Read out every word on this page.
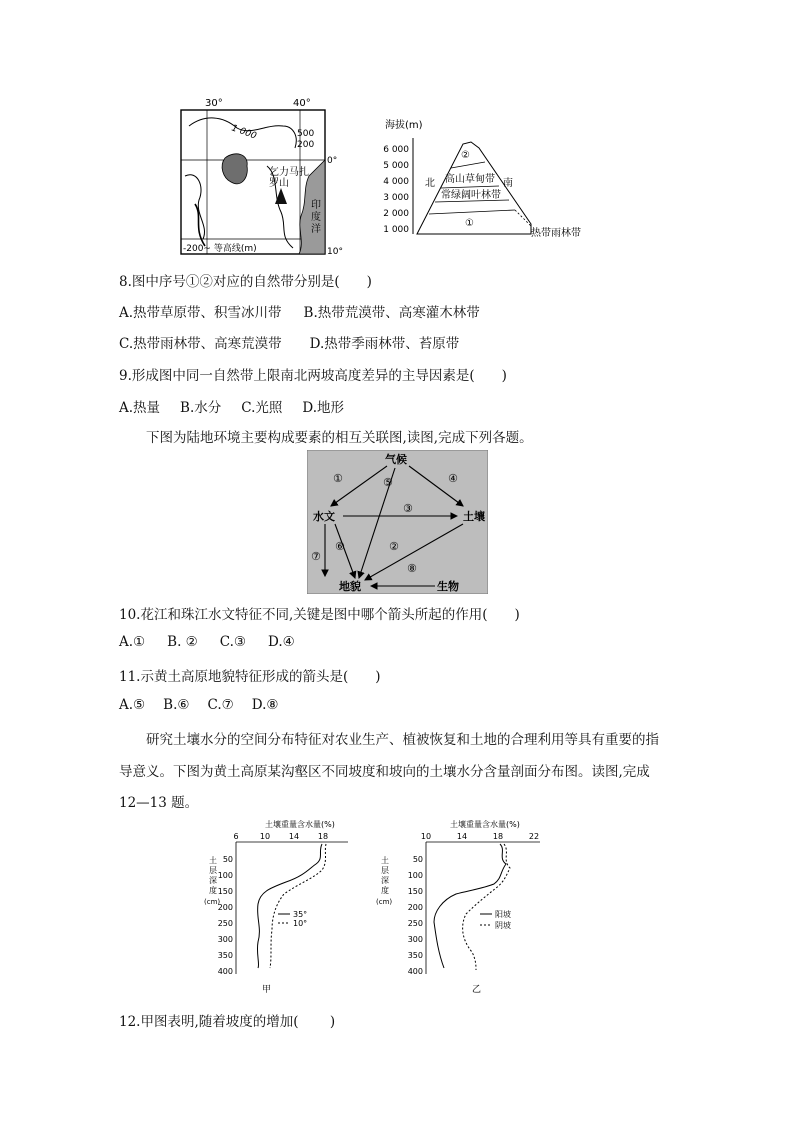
30°	40°
1 000	500
200
0°
10°
乞力马扎
罗山
印
度
洋
-200~ 等高线(m)
海拔(m)
6 000
5 000
4 000
3 000
2 000
1 000
②
北	南
高山草甸带
常绿阔叶林带
①
热带雨林带
8.图中序号①②对应的自然带分别是(　　)
A.热带草原带、积雪冰川带 B.热带荒漠带、高寒灌木林带
C.热带雨林带、高寒荒漠带 D.热带季雨林带、苔原带
9.形成图中同一自然带上限南北两坡高度差异的主导因素是(　　)
A.热量 B.水分 C.光照 D.地形
下图为陆地环境主要构成要素的相互关联图,读图,完成下列各题。
气候
水文	土壤
地貌	生物
①	④
⑤
③
②
⑥
⑦
⑧
10.花江和珠江水文特征不同,关键是图中哪个箭头所起的作用(　　)
A.① B. ② C.③ D.④
11.示黄土高原地貌特征形成的箭头是(　　)
A.⑤ B.⑥ C.⑦ D.⑧
研究土壤水分的空间分布特征对农业生产、植被恢复和土地的合理利用等具有重要的指
导意义。下图为黄土高原某沟壑区不同坡度和坡向的土壤水分含量剖面分布图。读图,完成
12—13 题。
土壤重量含水量(%)
土
层
深
度
(cm)
6	10 14 18
50
100
150
200
250
300
350
400
35°
10°
甲
土壤重量含水量(%)
土
层
深
度
(cm)
10	14	18	22
50
100
150
200
250
300
350
400
阳坡
阴坡
乙
12.甲图表明,随着坡度的增加(　　 )
